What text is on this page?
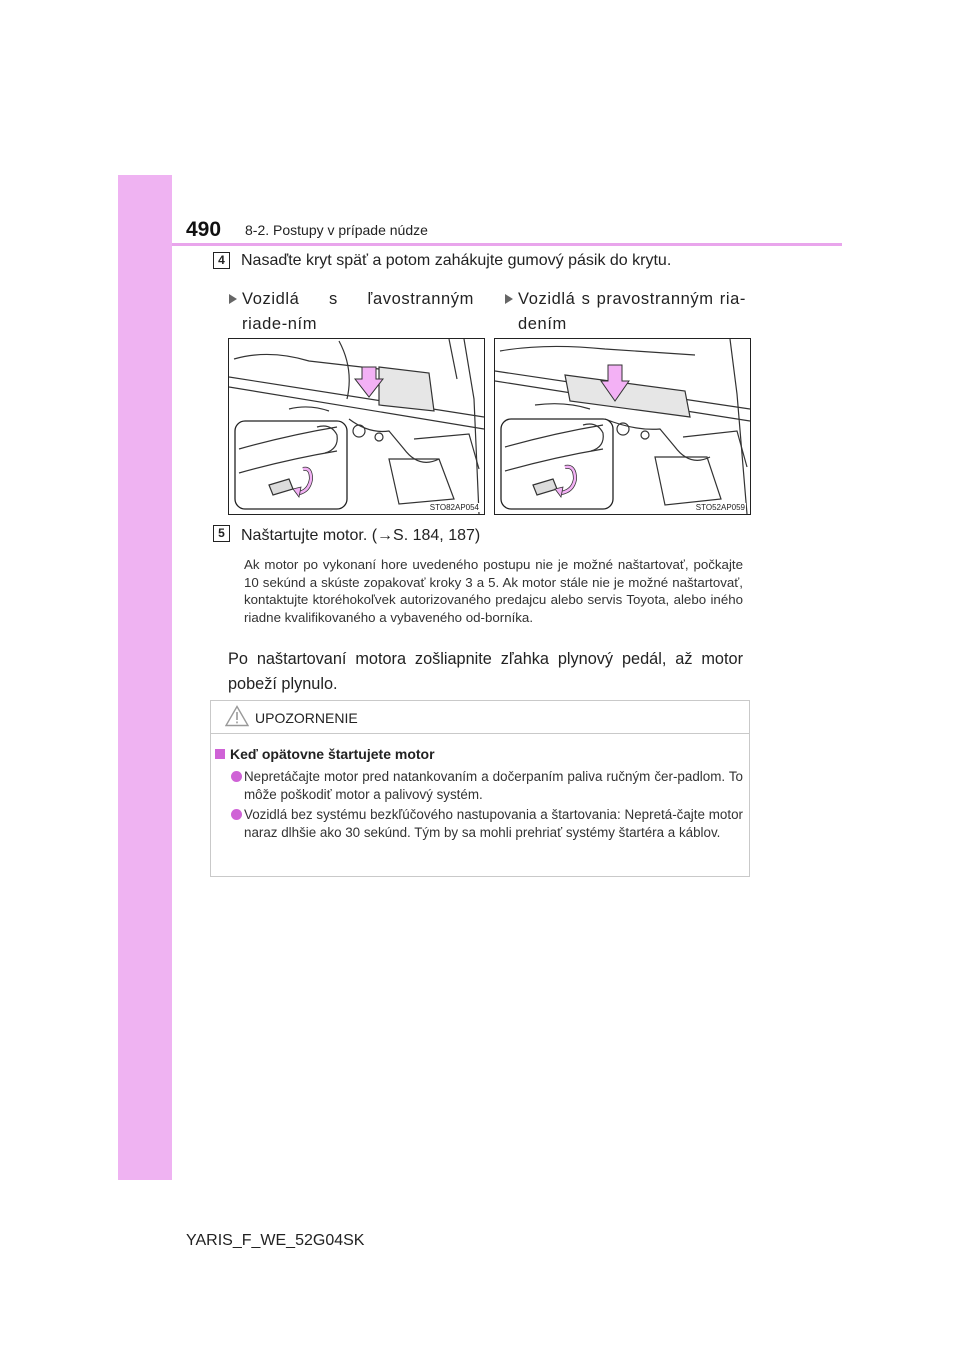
490 8-2. Postupy v prípade núdze
4	Nasaďte kryt späť a potom zahákujte gumový pásik do krytu.
Vozidlá s ľavostranným riade-ním
Vozidlá s pravostranným ria-dením
STO82AP054	STO52AP059
5	Naštartujte motor. (→S. 184, 187)
Ak motor po vykonaní hore uvedeného postupu nie je možné naštartovať, počkajte 10 sekúnd a skúste zopakovať kroky 3 a 5. Ak motor stále nie je možné naštartovať, kontaktujte ktoréhokoľvek autorizovaného predajcu alebo servis Toyota, alebo iného riadne kvalifikovaného a vybaveného od-borníka.
Po naštartovaní motora zošliapnite zľahka plynový pedál, až motor pobeží plynulo.
UPOZORNENIE
Keď opätovne štartujete motor
Nepretáčajte motor pred natankovaním a dočerpaním paliva ručným čer-padlom. To môže poškodiť motor a palivový systém.
Vozidlá bez systému bezkľúčového nastupovania a štartovania: Nepretá-čajte motor naraz dlhšie ako 30 sekúnd. Tým by sa mohli prehriať systémy štartéra a káblov.
YARIS_F_WE_52G04SK
